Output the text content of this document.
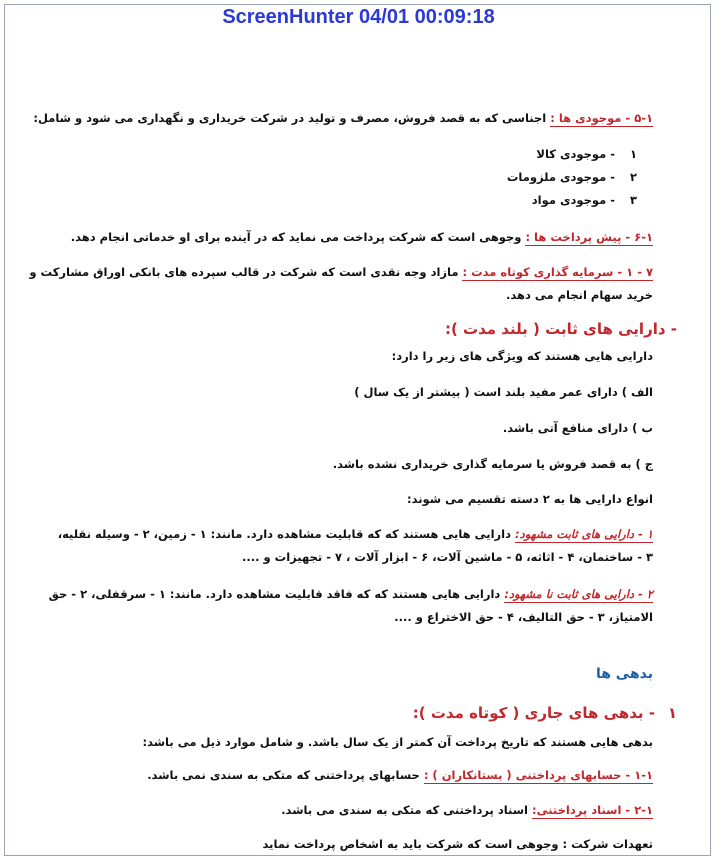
ScreenHunter 04/01 00:09:18
۵-۱ - موجودی ها : اجناسی که به قصد فروش، مصرف و تولید در شرکت خریداری و نگهداری می شود و شامل:
۱- موجودی کالا
۲- موجودی ملزومات
۳- موجودی مواد
۶-۱ - پیش پرداخت ها : وجوهی است که شرکت پرداخت می نماید که در آینده برای او خدماتی انجام دهد.
۷ - ۱ - سرمایه گذاری کوتاه مدت : مازاد وجه نقدی است که شرکت در قالب سپرده های بانکی اوراق مشارکت و
خرید سهام انجام می دهد.
- دارایی های ثابت ( بلند مدت ):
دارایی هایی هستند که ویژگی های زیر را دارد:
الف ) دارای عمر مفید بلند است ( بیشتر از یک سال )
ب ) دارای منافع آتی باشد.
ج ) به قصد فروش یا سرمایه گذاری خریداری نشده باشد.
انواع دارایی ها به ۲ دسته تقسیم می شوند:
۱ - دارایی های ثابت مشهود: دارایی هایی هستند که که قابلیت مشاهده دارد. مانند: ۱ - زمین، ۲ - وسیله نقلیه،
۳ - ساختمان، ۴ - اثاثه، ۵ - ماشین آلات، ۶ - ابزار آلات ، ۷ - تجهیزات و ....
۲ - دارایی های ثابت نا مشهود: دارایی هایی هستند که که فاقد قابلیت مشاهده دارد. مانند: ۱ - سرقفلی، ۲ - حق
الامتیاز، ۳ - حق التالیف، ۴ - حق الاختراع و ....
بدهی ها
۱- بدهی های جاری ( کوتاه مدت ):
بدهی هایی هستند که تاریخ پرداخت آن کمتر از یک سال باشد. و شامل موارد ذیل می باشد:
۱-۱ - حسابهای پرداختنی ( بستانکاران ) : حسابهای پرداختنی که متکی به سندی نمی باشد.
۲-۱ - اسناد پرداختنی: اسناد پرداختنی که متکی به سندی می باشد.
تعهدات شرکت : وجوهی است که شرکت باید به اشخاص پرداخت نماید
